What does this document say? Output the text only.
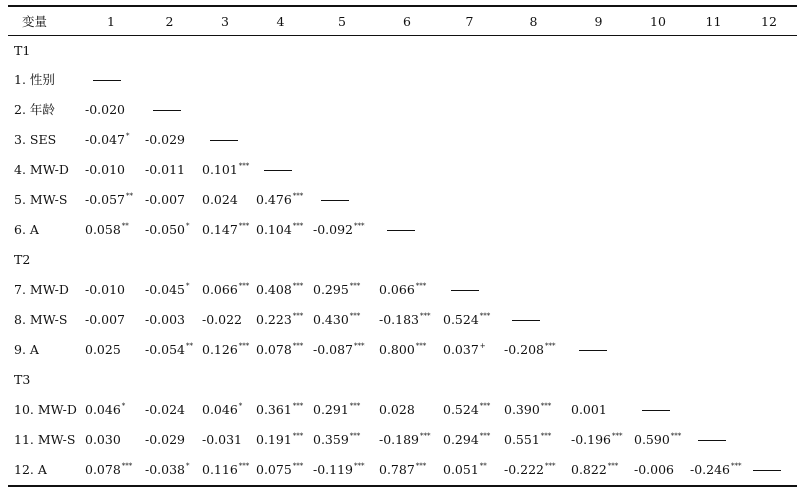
变量	1	2	3	4	5	6	7	8	9	10	11	12
T1												
1. 性别												
2. 年龄	-0.020											
3. SES	-0.047*	-0.029										
4. MW-D	-0.010	-0.011	0.101***									
5. MW-S	-0.057**	-0.007	0.024	0.476***								
6. A	0.058**	-0.050*	0.147***	0.104***	-0.092***							
T2												
7. MW-D	-0.010	-0.045*	0.066***	0.408***	0.295***	0.066***						
8. MW-S	-0.007	-0.003	-0.022	0.223***	0.430***	-0.183***	0.524***					
9. A	0.025	-0.054**	0.126***	0.078***	-0.087***	0.800***	0.037+	-0.208***				
T3												
10. MW-D	0.046*	-0.024	0.046*	0.361***	0.291***	0.028	0.524***	0.390***	0.001			
11. MW-S	0.030	-0.029	-0.031	0.191***	0.359***	-0.189***	0.294***	0.551***	-0.196***	0.590***		
12. A	0.078***	-0.038*	0.116***	0.075***	-0.119***	0.787***	0.051**	-0.222***	0.822***	-0.006	-0.246***	
